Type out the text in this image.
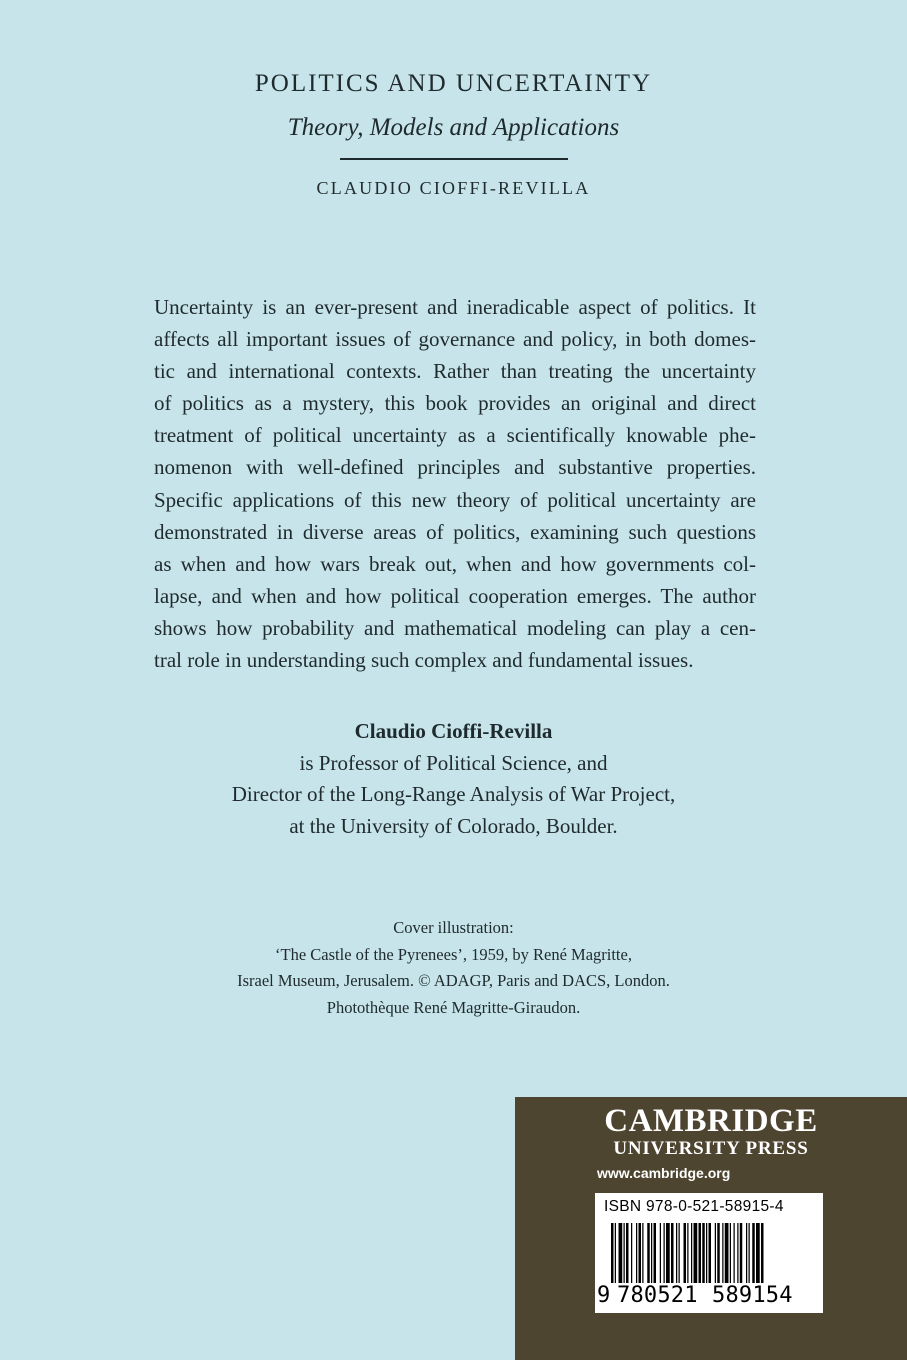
POLITICS AND UNCERTAINTY
Theory, Models and Applications
CLAUDIO CIOFFI-REVILLA
Uncertainty is an ever-present and ineradicable aspect of politics. It
affects all important issues of governance and policy, in both domes-
tic and international contexts. Rather than treating the uncertainty
of politics as a mystery, this book provides an original and direct
treatment of political uncertainty as a scientifically knowable phe-
nomenon with well-defined principles and substantive properties.
Specific applications of this new theory of political uncertainty are
demonstrated in diverse areas of politics, examining such questions
as when and how wars break out, when and how governments col-
lapse, and when and how political cooperation emerges. The author
shows how probability and mathematical modeling can play a cen-
tral role in understanding such complex and fundamental issues.
Claudio Cioffi-Revilla
is Professor of Political Science, and
Director of the Long-Range Analysis of War Project,
at the University of Colorado, Boulder.
Cover illustration:
‘The Castle of the Pyrenees’, 1959, by René Magritte,
Israel Museum, Jerusalem. © ADAGP, Paris and DACS, London.
Photothèque René Magritte-Giraudon.
CAMBRIDGE
UNIVERSITY PRESS
www.cambridge.org
ISBN 978-0-521-58915-4
9 780521 589154
